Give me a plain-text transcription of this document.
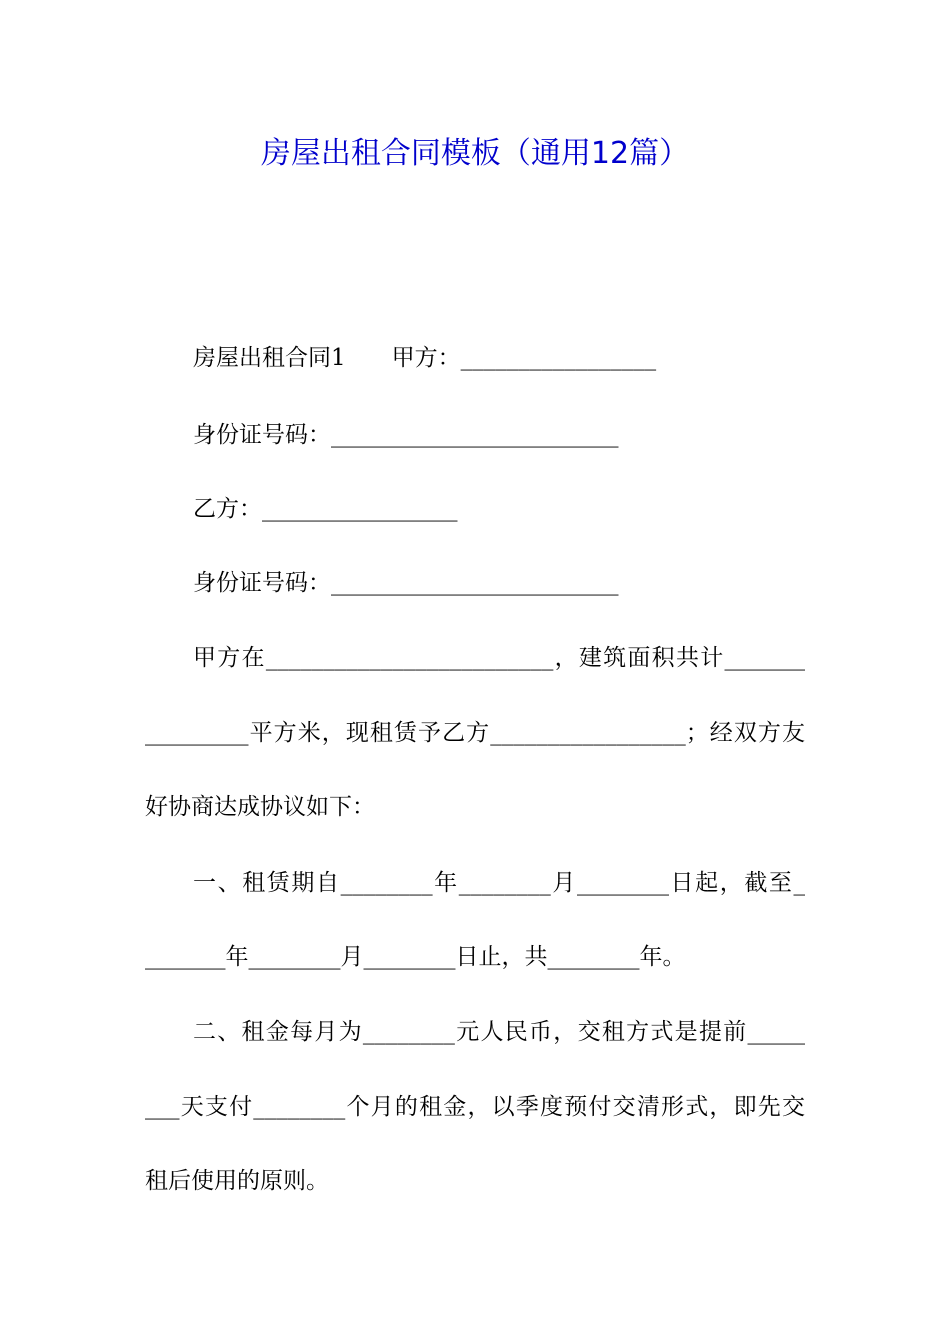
房屋出租合同模板（通用12篇）
房屋出租合同1　　甲方：_________________
身份证号码：_________________________
乙方：_________________
身份证号码：_________________________
甲方在_________________________，建筑面积共计_______
_________平方米，现租赁予乙方_________________；经双方友
好协商达成协议如下：
一、租赁期自________年________月________日起，截至_
_______年________月________日止，共________年。
二、租金每月为________元人民币，交租方式是提前_____
___天支付________个月的租金，以季度预付交清形式，即先交
租后使用的原则。
